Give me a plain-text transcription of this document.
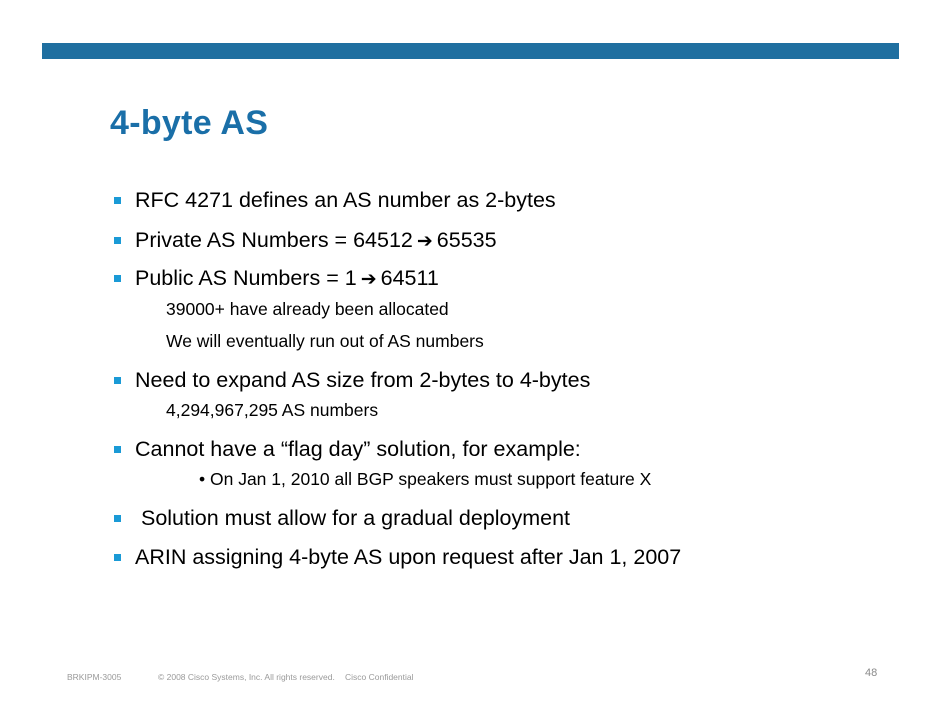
4-byte AS
RFC 4271 defines an AS number as 2-bytes
Private AS Numbers = 64512 ➔ 65535
Public AS Numbers = 1 ➔ 64511
39000+ have already been allocated
We will eventually run out of AS numbers
Need to expand AS size from 2-bytes to 4-bytes
4,294,967,295 AS numbers
Cannot have a “flag day” solution, for example:
• On Jan 1, 2010 all BGP speakers must support feature X
Solution must allow for a gradual deployment
ARIN assigning 4-byte AS upon request after Jan 1, 2007
BRKIPM-3005	© 2008 Cisco Systems, Inc. All rights reserved. Cisco Confidential	48
